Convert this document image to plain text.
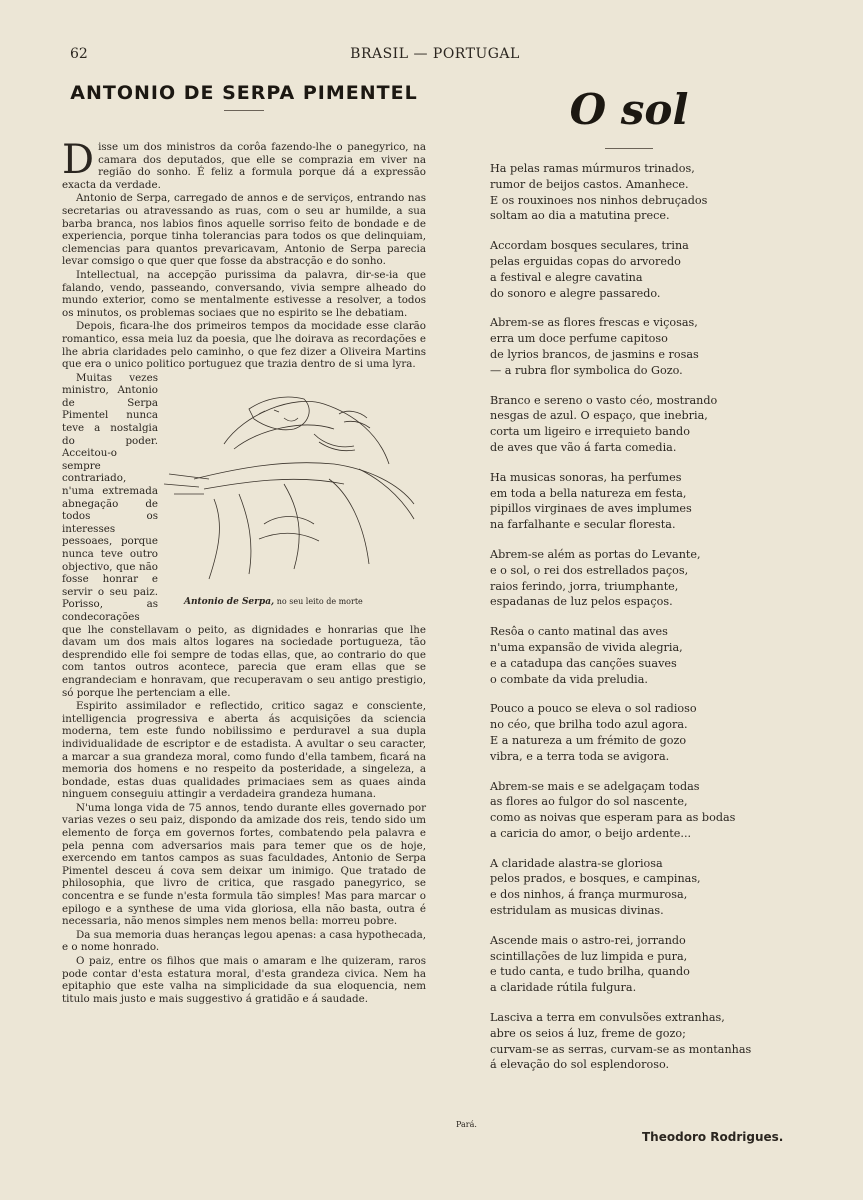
62	BRASIL — PORTUGAL
ANTONIO DE SERPA PIMENTEL

Disse um dos ministros da corôa fazendo-lhe o panegyrico, na camara dos deputados, que elle se comprazia em viver na região do sonho. É feliz a formula porque dá a expressão exacta da verdade.

Antonio de Serpa, carregado de annos e de serviços, entrando nas secretarias ou atravessando as ruas, com o seu ar humilde, a sua barba branca, nos labios finos aquelle sorriso feito de bondade e de experiencia, porque tinha tolerancias para todos os que delinquiam, clemencias para quantos prevaricavam, Antonio de Serpa parecia levar comsigo o que quer que fosse da abstracção e do sonho.

Intellectual, na accepção purissima da palavra, dir-se-ia que falando, vendo, passeando, conversando, vivia sempre alheado do mundo exterior, como se mentalmente estivesse a resolver, a todos os minutos, os problemas sociaes que no espirito se lhe debatiam.

Depois, ficara-lhe dos primeiros tempos da mocidade esse clarão romantico, essa meia luz da poesia, que lhe doirava as recordações e lhe abria claridades pelo caminho, o que fez dizer a Oliveira Martins que era o unico politico portuguez que trazia dentro de si uma lyra.

Antonio de Serpa, no seu leito de morte

Muitas vezes ministro, Antonio de Serpa Pimentel nunca teve a nostalgia do poder. Acceitou-o sempre contrariado, n'uma extremada abnegação de todos os interesses pessoaes, porque nunca teve outro objectivo, que não fosse honrar e servir o seu paiz. Porisso, as condecorações que lhe constellavam o peito, as dignidades e honrarias que lhe davam um dos mais altos logares na sociedade portugueza, tão desprendido elle foi sempre de todas ellas, que, ao contrario do que com tantos outros acontece, parecia que eram ellas que se engrandeciam e honravam, que recuperavam o seu antigo prestigio, só porque lhe pertenciam a elle.

Espirito assimilador e reflectido, critico sagaz e consciente, intelligencia progressiva e aberta ás acquisições da sciencia moderna, tem este fundo nobilissimo e perduravel a sua dupla individualidade de escriptor e de estadista. A avultar o seu caracter, a marcar a sua grandeza moral, como fundo d'ella tambem, ficará na memoria dos homens e no respeito da posteridade, a singeleza, a bondade, estas duas qualidades primaciaes sem as quaes ainda ninguem conseguiu attingir a verdadeira grandeza humana.

N'uma longa vida de 75 annos, tendo durante elles governado por varias vezes o seu paiz, dispondo da amizade dos reis, tendo sido um elemento de força em governos fortes, combatendo pela palavra e pela penna com adversarios mais para temer que os de hoje, exercendo em tantos campos as suas faculdades, Antonio de Serpa Pimentel desceu á cova sem deixar um inimigo. Que tratado de philosophia, que livro de critica, que rasgado panegyrico, se concentra e se funde n'esta formula tão simples! Mas para marcar o epilogo e a synthese de uma vida gloriosa, ella não basta, outra é necessaria, não menos simples nem menos bella: morreu pobre.

Da sua memoria duas heranças legou apenas: a casa hypothecada, e o nome honrado.

O paiz, entre os filhos que mais o amaram e lhe quizeram, raros pode contar d'esta estatura moral, d'esta grandeza civica. Nem ha epitaphio que este valha na simplicidade da sua eloquencia, nem titulo mais justo e mais suggestivo á gratidão e á saudade.

O sol
Ha pelas ramas múrmuros trinados,
rumor de beijos castos. Amanhece.
E os rouxinoes nos ninhos debruçados
soltam ao dia a matutina prece.
Accordam bosques seculares, trina
pelas erguidas copas do arvoredo
a festival e alegre cavatina
do sonoro e alegre passaredo.
Abrem-se as flores frescas e viçosas,
erra um doce perfume capitoso
de lyrios brancos, de jasmins e rosas
— a rubra flor symbolica do Gozo.
Branco e sereno o vasto céo, mostrando
nesgas de azul. O espaço, que inebria,
corta um ligeiro e irrequieto bando
de aves que vão á farta comedia.
Ha musicas sonoras, ha perfumes
em toda a bella natureza em festa,
pipillos virginaes de aves implumes
na farfalhante e secular floresta.
Abrem-se além as portas do Levante,
e o sol, o rei dos estrellados paços,
raios ferindo, jorra, triumphante,
espadanas de luz pelos espaços.
Resôa o canto matinal das aves
n'uma expansão de vivida alegria,
e a catadupa das canções suaves
o combate da vida preludia.
Pouco a pouco se eleva o sol radioso
no céo, que brilha todo azul agora.
E a natureza a um frémito de gozo
vibra, e a terra toda se avigora.
Abrem-se mais e se adelgaçam todas
as flores ao fulgor do sol nascente,
como as noivas que esperam para as bodas
a caricia do amor, o beijo ardente...
A claridade alastra-se gloriosa
pelos prados, e bosques, e campinas,
e dos ninhos, á frança murmurosa,
estridulam as musicas divinas.
Ascende mais o astro-rei, jorrando
scintillações de luz limpida e pura,
e tudo canta, e tudo brilha, quando
a claridade rútila fulgura.
Lasciva a terra em convulsões extranhas,
abre os seios á luz, freme de gozo;
curvam-se as serras, curvam-se as montanhas
á elevação do sol esplendoroso.
Pará.
Theodoro Rodrigues.
